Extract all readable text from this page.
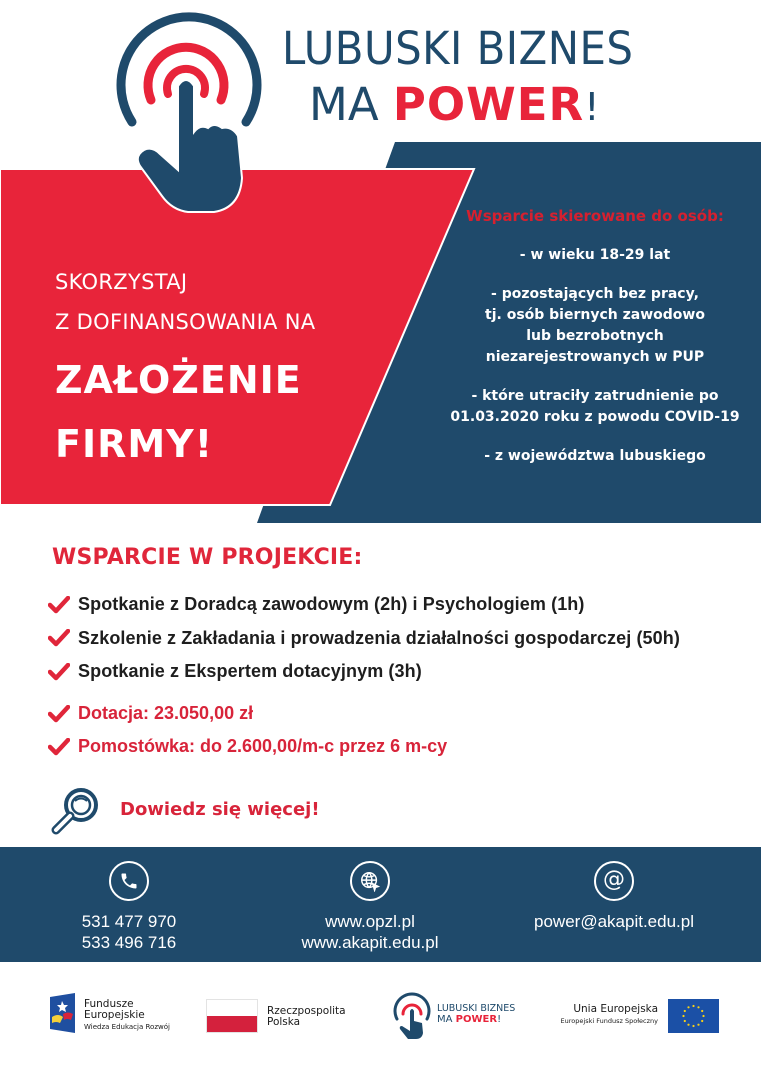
LUBUSKI BIZNES
MA POWER!
SKORZYSTAJ
Z DOFINANSOWANIA NA
ZAŁOŻENIE
FIRMY!
Wsparcie skierowane do osób:
- w wieku 18-29 lat
- pozostających bez pracy,
tj. osób biernych zawodowo
lub bezrobotnych
niezarejestrowanych w PUP
- które utraciły zatrudnienie po
01.03.2020 roku z powodu COVID-19
- z województwa lubuskiego
WSPARCIE W PROJEKCIE:
Spotkanie z Doradcą zawodowym (2h) i Psychologiem (1h)
Szkolenie z Zakładania i prowadzenia działalności gospodarczej (50h)
Spotkanie z Ekspertem dotacyjnym (3h)
Dotacja: 23.050,00 zł
Pomostówka: do 2.600,00/m-c przez 6 m-cy
Dowiedz się więcej!
531 477 970
533 496 716
www.opzl.pl
www.akapit.edu.pl
@
power@akapit.edu.pl
Fundusze
Europejskie
Wiedza Edukacja Rozwój
Rzeczpospolita
Polska
LUBUSKI BIZNES
MA POWER!
Unia Europejska
Europejski Fundusz Społeczny
